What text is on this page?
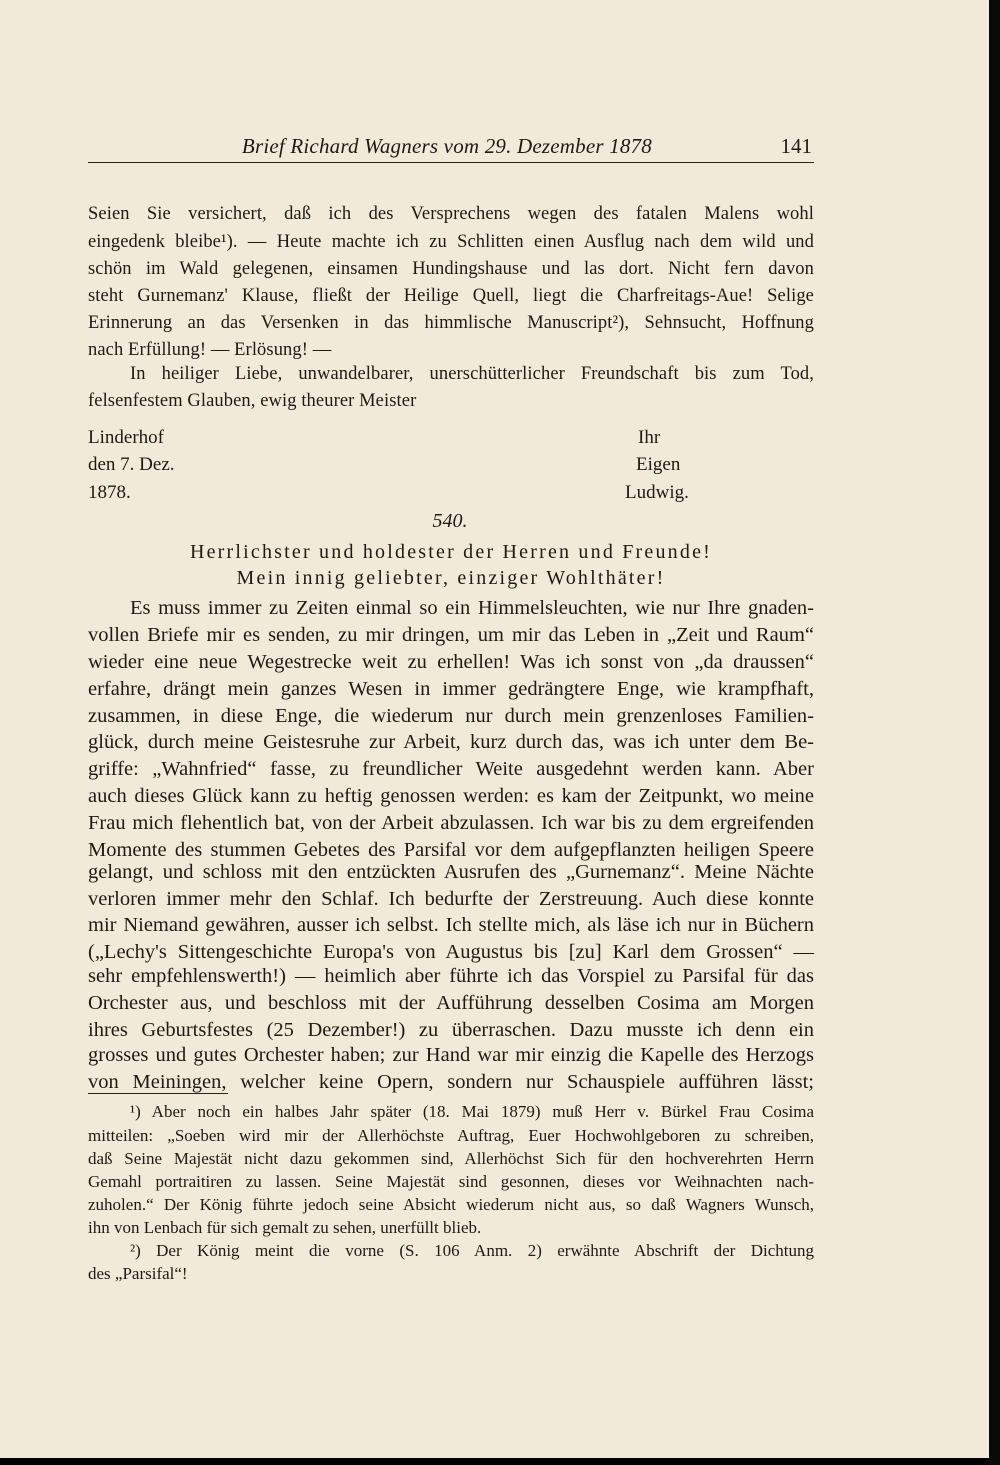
Brief Richard Wagners vom 29. Dezember 1878	141
Seien Sie versichert, daß ich des Versprechens wegen des fatalen Malens wohl
eingedenk bleibe¹). — Heute machte ich zu Schlitten einen Ausflug nach dem wild und
schön im Wald gelegenen, einsamen Hundingshause und las dort. Nicht fern davon
steht Gurnemanz' Klause, fließt der Heilige Quell, liegt die Charfreitags-Aue! Selige
Erinnerung an das Versenken in das himmlische Manuscript²), Sehnsucht, Hoffnung
nach Erfüllung! — Erlösung! —
In heiliger Liebe, unwandelbarer, unerschütterlicher Freundschaft bis zum Tod,
felsenfestem Glauben, ewig theurer Meister
Linderhof
den 7. Dez.
1878.
Ihr
Eigen
Ludwig.
540.
Herrlichster und holdester der Herren und Freunde!
Mein innig geliebter, einziger Wohlthäter!
Es muss immer zu Zeiten einmal so ein Himmelsleuchten, wie nur Ihre gnaden-
vollen Briefe mir es senden, zu mir dringen, um mir das Leben in „Zeit und Raum“
wieder eine neue Wegestrecke weit zu erhellen! Was ich sonst von „da draussen“
erfahre, drängt mein ganzes Wesen in immer gedrängtere Enge, wie krampfhaft,
zusammen, in diese Enge, die wiederum nur durch mein grenzenloses Familien-
glück, durch meine Geistesruhe zur Arbeit, kurz durch das, was ich unter dem Be-
griffe: „Wahnfried“ fasse, zu freundlicher Weite ausgedehnt werden kann. Aber
auch dieses Glück kann zu heftig genossen werden: es kam der Zeitpunkt, wo meine
Frau mich flehentlich bat, von der Arbeit abzulassen. Ich war bis zu dem ergreifenden
Momente des stummen Gebetes des Parsifal vor dem aufgepflanzten heiligen Speere
gelangt, und schloss mit den entzückten Ausrufen des „Gurnemanz“. Meine Nächte
verloren immer mehr den Schlaf. Ich bedurfte der Zerstreuung. Auch diese konnte
mir Niemand gewähren, ausser ich selbst. Ich stellte mich, als läse ich nur in Büchern
(„Lechy's Sittengeschichte Europa's von Augustus bis [zu] Karl dem Grossen“ —
sehr empfehlenswerth!) — heimlich aber führte ich das Vorspiel zu Parsifal für das
Orchester aus, und beschloss mit der Aufführung desselben Cosima am Morgen
ihres Geburtsfestes (25 Dezember!) zu überraschen. Dazu musste ich denn ein
grosses und gutes Orchester haben; zur Hand war mir einzig die Kapelle des Herzogs
von Meiningen, welcher keine Opern, sondern nur Schauspiele aufführen lässt;
¹) Aber noch ein halbes Jahr später (18. Mai 1879) muß Herr v. Bürkel Frau Cosima
mitteilen: „Soeben wird mir der Allerhöchste Auftrag, Euer Hochwohlgeboren zu schreiben,
daß Seine Majestät nicht dazu gekommen sind, Allerhöchst Sich für den hochverehrten Herrn
Gemahl portraitiren zu lassen. Seine Majestät sind gesonnen, dieses vor Weihnachten nach-
zuholen.“ Der König führte jedoch seine Absicht wiederum nicht aus, so daß Wagners Wunsch,
ihn von Lenbach für sich gemalt zu sehen, unerfüllt blieb.
²) Der König meint die vorne (S. 106 Anm. 2) erwähnte Abschrift der Dichtung
des „Parsifal“!
